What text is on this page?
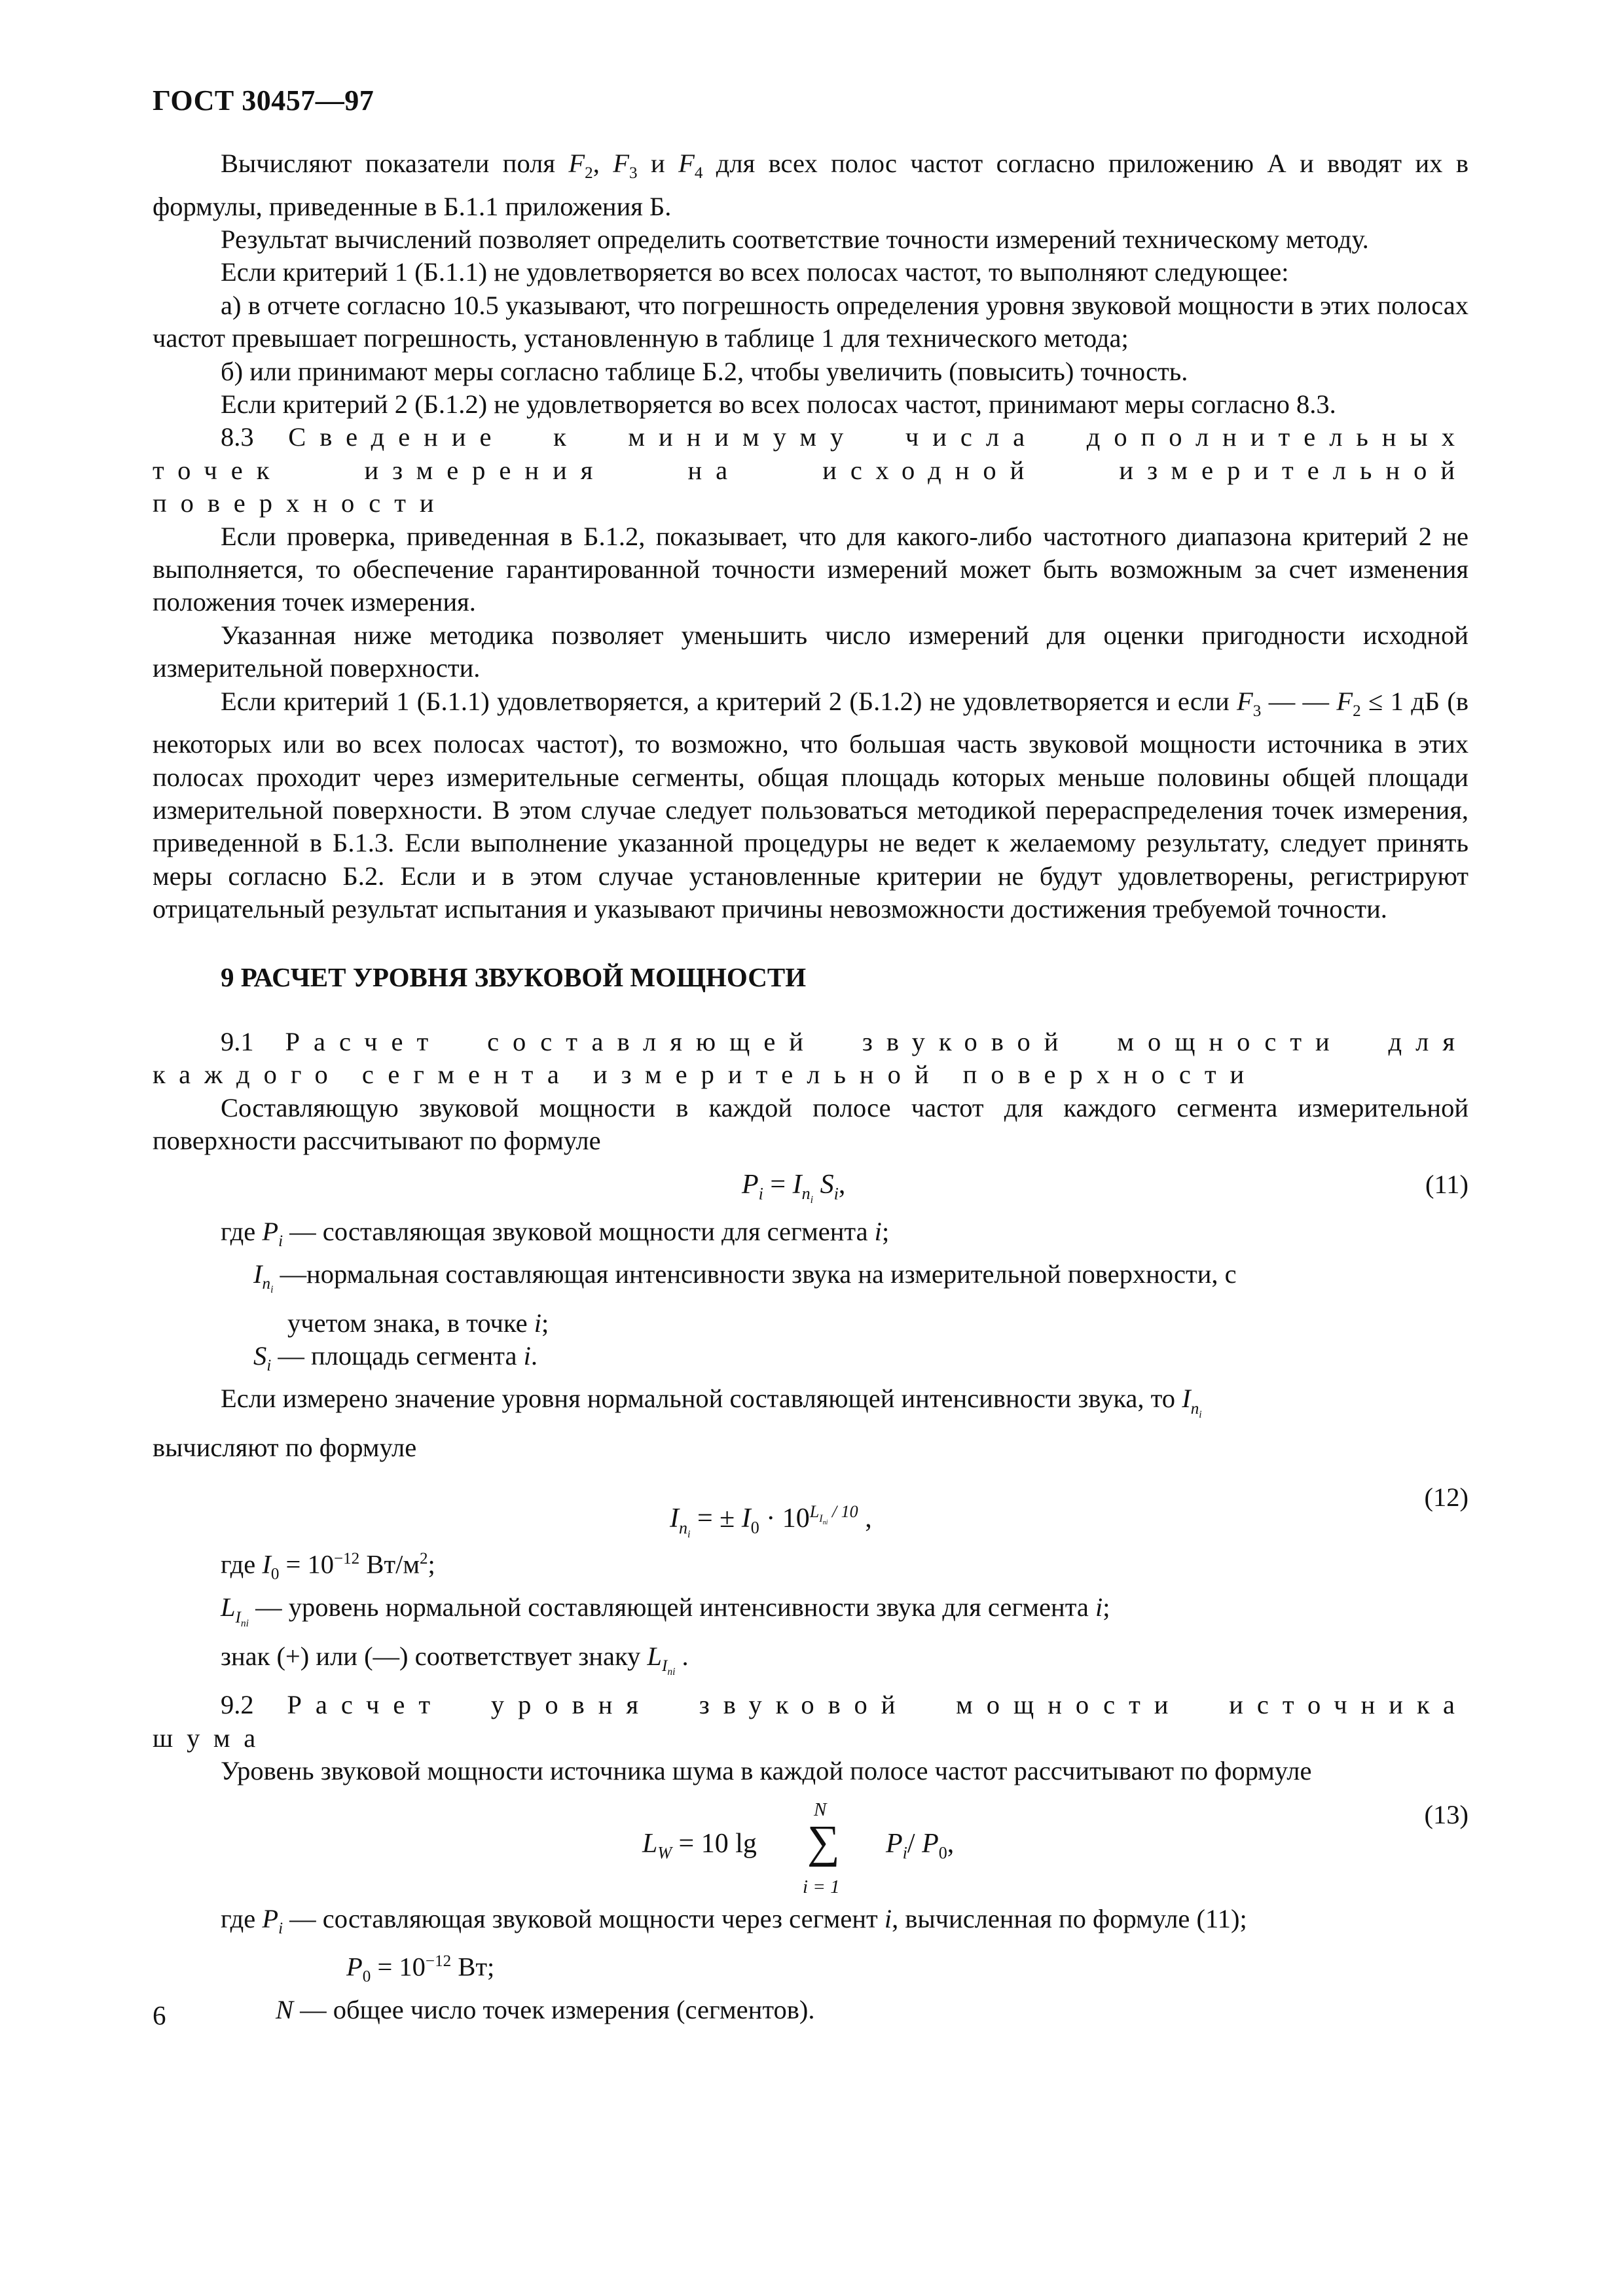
ГОСТ 30457—97

Вычисляют показатели поля $F_2$, $F_3$ и $F_4$ для всех полос частот согласно приложению А и вводят их в формулы, приведенные в Б.1.1 приложения Б.

Результат вычислений позволяет определить соответствие точности измерений техническому методу.

Если критерий 1 (Б.1.1) не удовлетворяется во всех полосах частот, то выполняют следующее:

а) в отчете согласно 10.5 указывают, что погрешность определения уровня звуковой мощности в этих полосах частот превышает погрешность, установленную в таблице 1 для технического метода;

б) или принимают меры согласно таблице Б.2, чтобы увеличить (повысить) точность.

Если критерий 2 (Б.1.2) не удовлетворяется во всех полосах частот, принимают меры согласно 8.3.

8.3 Сведение к минимуму числа дополнительных точек измерения на исходной измерительной поверхности

Если проверка, приведенная в Б.1.2, показывает, что для какого-либо частотного диапазона критерий 2 не выполняется, то обеспечение гарантированной точности измерений может быть возможным за счет изменения положения точек измерения.

Указанная ниже методика позволяет уменьшить число измерений для оценки пригодности исходной измерительной поверхности.

Если критерий 1 (Б.1.1) удовлетворяется, а критерий 2 (Б.1.2) не удовлетворяется и если $F_3$ — — $F_2 \le 1$ дБ (в некоторых или во всех полосах частот), то возможно, что большая часть звуковой мощности источника в этих полосах проходит через измерительные сегменты, общая площадь которых меньше половины общей площади измерительной поверхности. В этом случае следует пользоваться методикой перераспределения точек измерения, приведенной в Б.1.3. Если выполнение указанной процедуры не ведет к желаемому результату, следует принять меры согласно Б.2. Если и в этом случае установленные критерии не будут удовлетворены, регистрируют отрицательный результат испытания и указывают причины невозможности достижения требуемой точности.

9 РАСЧЕТ УРОВНЯ ЗВУКОВОЙ МОЩНОСТИ

9.1 Расчет составляющей звуковой мощности для каждого сегмента измерительной поверхности

Составляющую звуковой мощности в каждой полосе частот для каждого сегмента измерительной поверхности рассчитывают по формуле

$P_i = I_{n_i}$ $S_i$,	(11)

где $P_i$ — составляющая звуковой мощности для сегмента i;

$I_{n_i}$ —нормальная составляющая интенсивности звука на измерительной поверхности, с
учетом знака, в точке i;

$S_i$ — площадь сегмента i.

Если измерено значение уровня нормальной составляющей интенсивности звука, то $I_{n_i}$
вычисляют по формуле

$I_{n_i}$ = ± $I_0 \cdot 10^{L_{I_{ni}} / 10}$ ,
(12)

где $I_0 = 10^{-12}$ $Вт/м^2$;

$L_{I_{ni}}$ — уровень нормальной составляющей интенсивности звука для сегмента i;

знак (+) или (—) соответствует знаку $L_{I_{ni}}$ .

9.2 Расчет уровня звуковой мощности источника шума

Уровень звуковой мощности источника шума в каждой полосе частот рассчитывают по формуле

$L_W = 10$ lg ∑
N
i = 1
$P_i/$ $P_0$,
(13)

где $P_i$ — составляющая звуковой мощности через сегмент i, вычисленная по формуле (11);

$P_0 = 10^{-12}$ Вт;

N — общее число точек измерения (сегментов).

6
